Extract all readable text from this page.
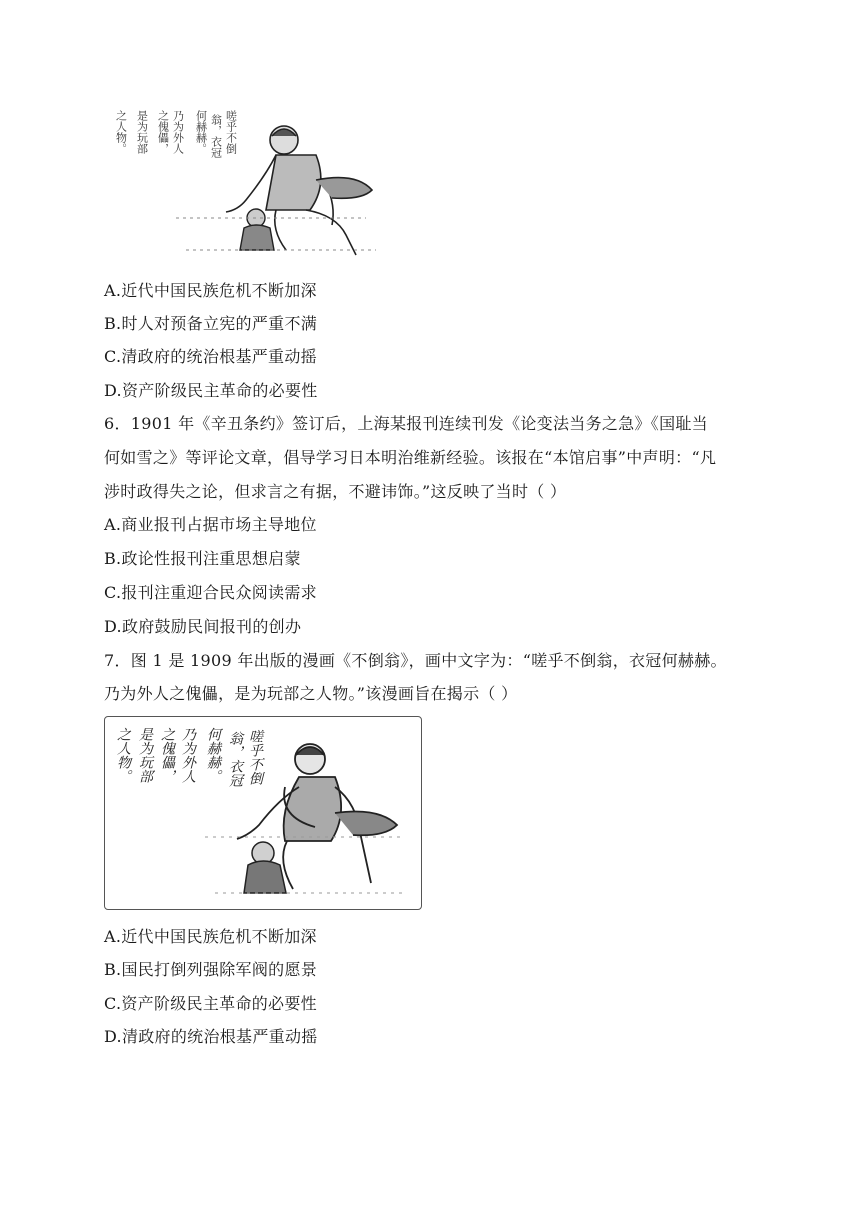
嗟乎不倒
翁，衣冠
何赫赫。
乃为外人
之傀儡，
是为玩部
之人物。
A.近代中国民族危机不断加深
B.时人对预备立宪的严重不满
C.清政府的统治根基严重动摇
D.资产阶级民主革命的必要性
6．1901 年《辛丑条约》签订后，上海某报刊连续刊发《论变法当务之急》《国耻当
何如雪之》等评论文章，倡导学习日本明治维新经验。该报在“本馆启事”中声明：“凡
涉时政得失之论，但求言之有据，不避讳饰。”这反映了当时（ ）
A.商业报刊占据市场主导地位
B.政论性报刊注重思想启蒙
C.报刊注重迎合民众阅读需求
D.政府鼓励民间报刊的创办
7．图 1 是 1909 年出版的漫画《不倒翁》，画中文字为：“嗟乎不倒翁，衣冠何赫赫。
乃为外人之傀儡，是为玩部之人物。”该漫画旨在揭示（ ）
嗟乎不倒
翁，衣冠
何赫赫。
乃为外人
之傀儡，
是为玩部
之人物。
A.近代中国民族危机不断加深
B.国民打倒列强除军阀的愿景
C.资产阶级民主革命的必要性
D.清政府的统治根基严重动摇
